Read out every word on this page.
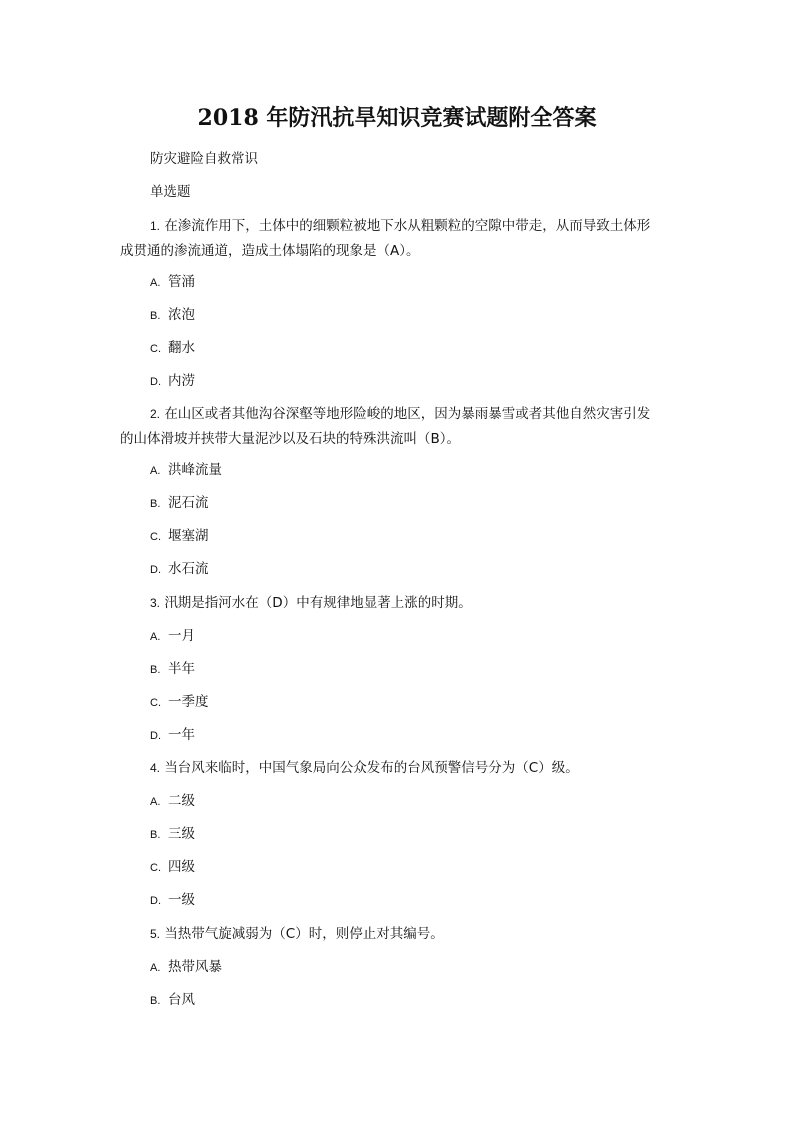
2018 年防汛抗旱知识竞赛试题附全答案
防灾避险自救常识
单选题
1. 在渗流作用下，土体中的细颗粒被地下水从粗颗粒的空隙中带走，从而导致土体形
成贯通的渗流通道，造成土体塌陷的现象是（A）。
A. 管涌
B. 浓泡
C. 翻水
D. 内涝
2. 在山区或者其他沟谷深壑等地形险峻的地区，因为暴雨暴雪或者其他自然灾害引发
的山体滑坡并挟带大量泥沙以及石块的特殊洪流叫（B）。
A. 洪峰流量
B. 泥石流
C. 堰塞湖
D. 水石流
3. 汛期是指河水在（D）中有规律地显著上涨的时期。
A. 一月
B. 半年
C. 一季度
D. 一年
4. 当台风来临时，中国气象局向公众发布的台风预警信号分为（C）级。
A. 二级
B. 三级
C. 四级
D. 一级
5. 当热带气旋减弱为（C）时，则停止对其编号。
A. 热带风暴
B. 台风
